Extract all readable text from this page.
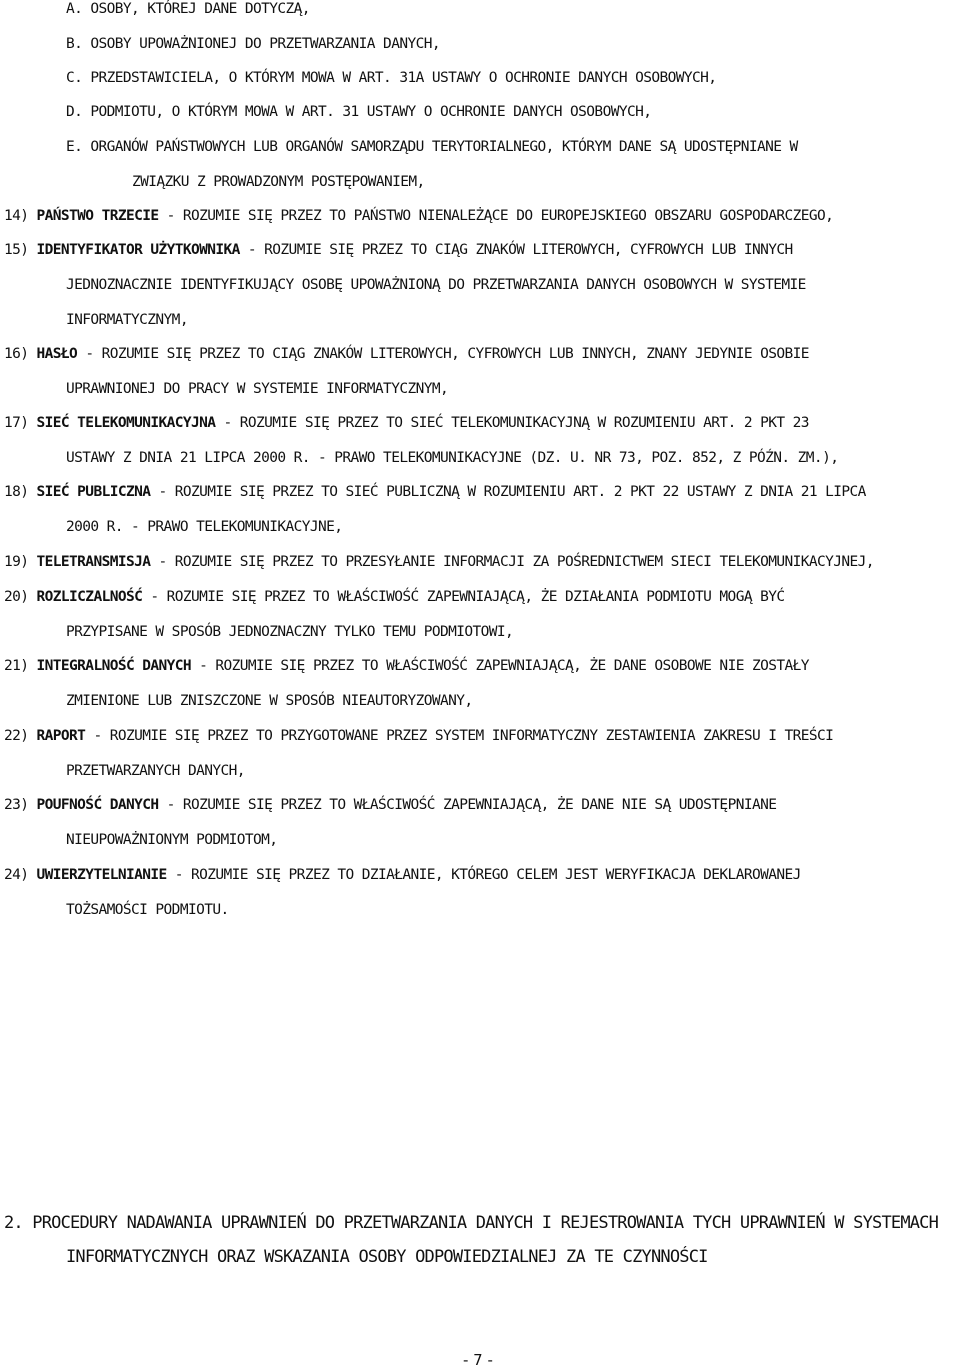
A. OSOBY, KTÓREJ DANE DOTYCZĄ,
B. OSOBY UPOWAŻNIONEJ DO PRZETWARZANIA DANYCH,
C. PRZEDSTAWICIELA, O KTÓRYM MOWA W ART. 31A USTAWY O OCHRONIE DANYCH OSOBOWYCH,
D. PODMIOTU, O KTÓRYM MOWA W ART. 31 USTAWY O OCHRONIE DANYCH OSOBOWYCH,
E. ORGANÓW PAŃSTWOWYCH LUB ORGANÓW SAMORZĄDU TERYTORIALNEGO, KTÓRYM DANE SĄ UDOSTĘPNIANE W
ZWIĄZKU Z PROWADZONYM POSTĘPOWANIEM,
14) PAŃSTWO TRZECIE - ROZUMIE SIĘ PRZEZ TO PAŃSTWO NIENALEŻĄCE DO EUROPEJSKIEGO OBSZARU GOSPODARCZEGO,
15) IDENTYFIKATOR UŻYTKOWNIKA - ROZUMIE SIĘ PRZEZ TO CIĄG ZNAKÓW LITEROWYCH, CYFROWYCH LUB INNYCH
JEDNOZNACZNIE IDENTYFIKUJĄCY OSOBĘ UPOWAŻNIONĄ DO PRZETWARZANIA DANYCH OSOBOWYCH W SYSTEMIE
INFORMATYCZNYM,
16) HASŁO - ROZUMIE SIĘ PRZEZ TO CIĄG ZNAKÓW LITEROWYCH, CYFROWYCH LUB INNYCH, ZNANY JEDYNIE OSOBIE
UPRAWNIONEJ DO PRACY W SYSTEMIE INFORMATYCZNYM,
17) SIEĆ TELEKOMUNIKACYJNA - ROZUMIE SIĘ PRZEZ TO SIEĆ TELEKOMUNIKACYJNĄ W ROZUMIENIU ART. 2 PKT 23
USTAWY Z DNIA 21 LIPCA 2000 R. - PRAWO TELEKOMUNIKACYJNE (DZ. U. NR 73, POZ. 852, Z PÓŹN. ZM.),
18) SIEĆ PUBLICZNA - ROZUMIE SIĘ PRZEZ TO SIEĆ PUBLICZNĄ W ROZUMIENIU ART. 2 PKT 22 USTAWY Z DNIA 21 LIPCA
2000 R. - PRAWO TELEKOMUNIKACYJNE,
19) TELETRANSMISJA - ROZUMIE SIĘ PRZEZ TO PRZESYŁANIE INFORMACJI ZA POŚREDNICTWEM SIECI TELEKOMUNIKACYJNEJ,
20) ROZLICZALNOŚĆ - ROZUMIE SIĘ PRZEZ TO WŁAŚCIWOŚĆ ZAPEWNIAJĄCĄ, ŻE DZIAŁANIA PODMIOTU MOGĄ BYĆ
PRZYPISANE W SPOSÓB JEDNOZNACZNY TYLKO TEMU PODMIOTOWI,
21) INTEGRALNOŚĆ DANYCH - ROZUMIE SIĘ PRZEZ TO WŁAŚCIWOŚĆ ZAPEWNIAJĄCĄ, ŻE DANE OSOBOWE NIE ZOSTAŁY
ZMIENIONE LUB ZNISZCZONE W SPOSÓB NIEAUTORYZOWANY,
22) RAPORT - ROZUMIE SIĘ PRZEZ TO PRZYGOTOWANE PRZEZ SYSTEM INFORMATYCZNY ZESTAWIENIA ZAKRESU I TREŚCI
PRZETWARZANYCH DANYCH,
23) POUFNOŚĆ DANYCH - ROZUMIE SIĘ PRZEZ TO WŁAŚCIWOŚĆ ZAPEWNIAJĄCĄ, ŻE DANE NIE SĄ UDOSTĘPNIANE
NIEUPOWAŻNIONYM PODMIOTOM,
24) UWIERZYTELNIANIE - ROZUMIE SIĘ PRZEZ TO DZIAŁANIE, KTÓREGO CELEM JEST WERYFIKACJA DEKLAROWANEJ
TOŻSAMOŚCI PODMIOTU.
2. PROCEDURY NADAWANIA UPRAWNIEŃ DO PRZETWARZANIA DANYCH I REJESTROWANIA TYCH UPRAWNIEŃ W SYSTEMACH
INFORMATYCZNYCH ORAZ WSKAZANIA OSOBY ODPOWIEDZIALNEJ ZA TE CZYNNOŚCI
- 7 -
